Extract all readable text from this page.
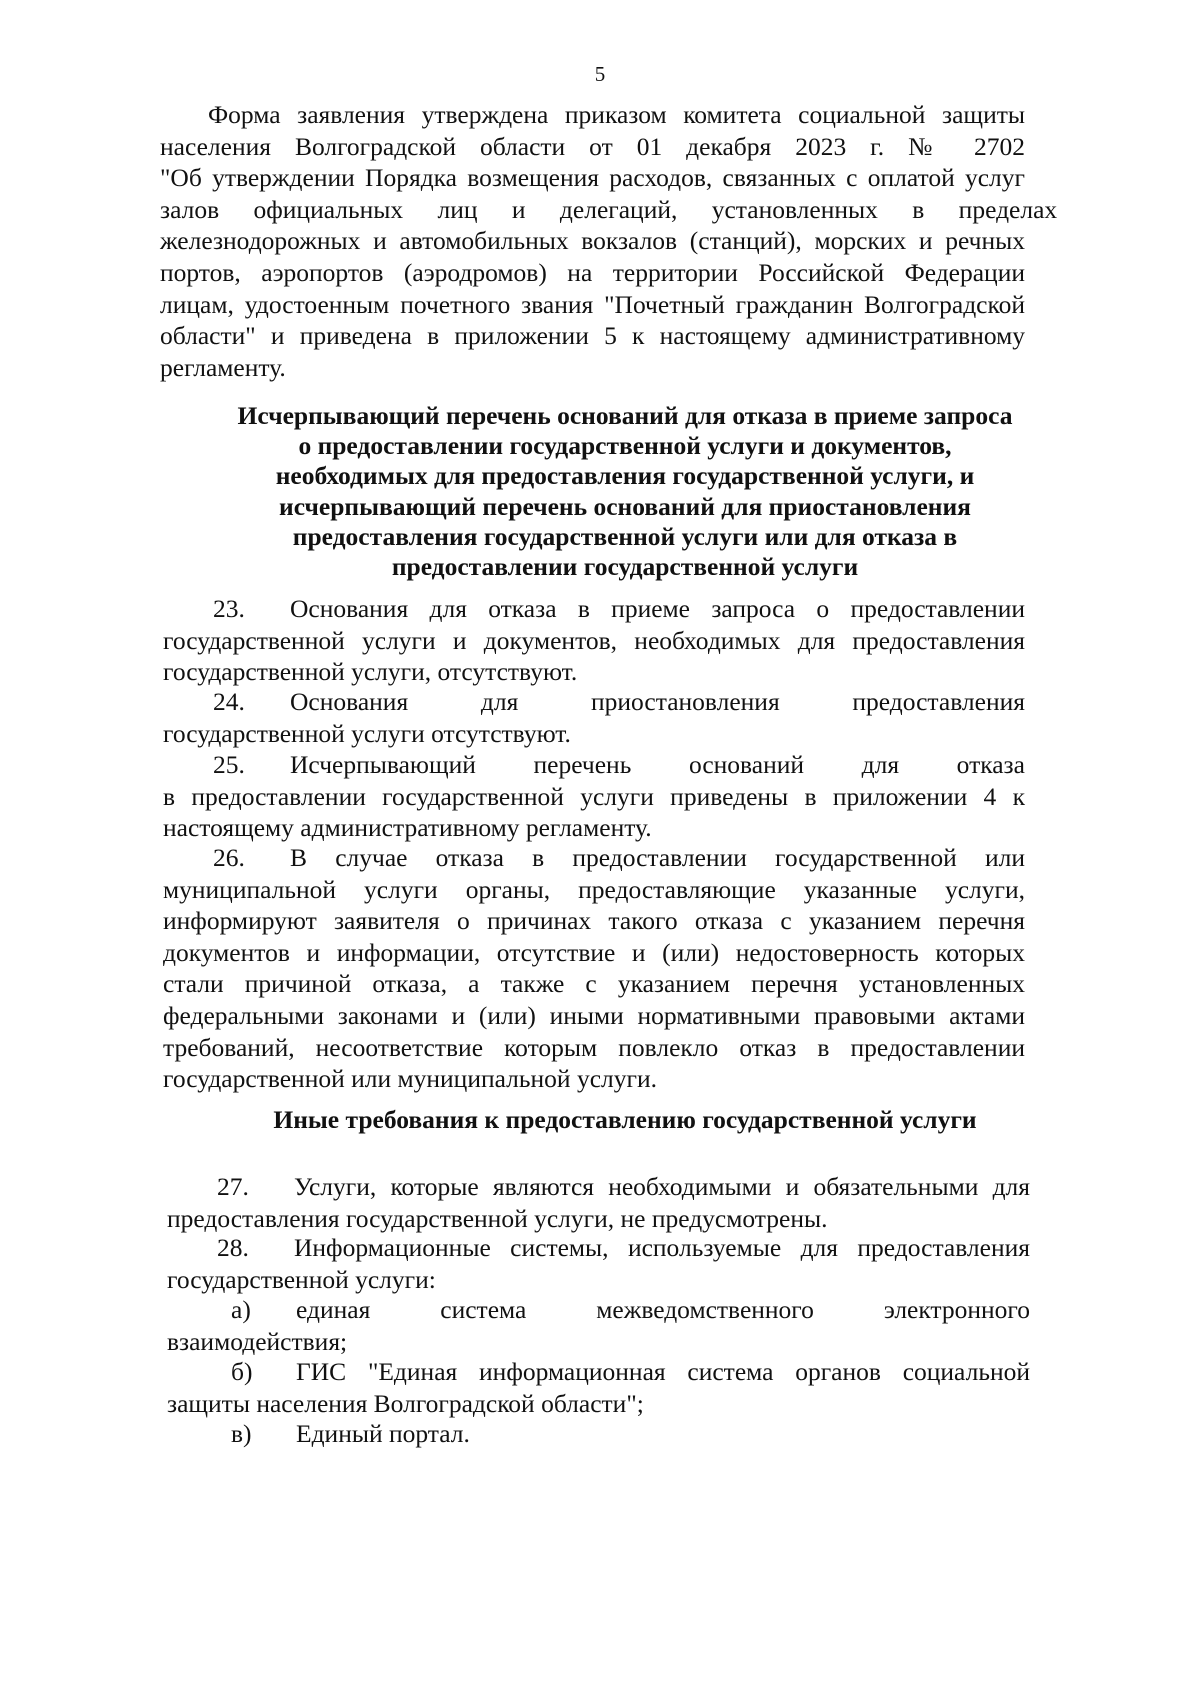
5
Форма заявления утверждена приказом комитета социальной защиты
населения Волгоградской области от 01 декабря 2023 г. № 2702
"Об утверждении Порядка возмещения расходов, связанных с оплатой услуг
залов официальных лиц и делегаций, установленных в пределах
железнодорожных и автомобильных вокзалов (станций), морских и речных
портов, аэропортов (аэродромов) на территории Российской Федерации
лицам, удостоенным почетного звания "Почетный гражданин Волгоградской
области" и приведена в приложении 5 к настоящему административному
регламенту.
Исчерпывающий перечень оснований для отказа в приеме запроса
о предоставлении государственной услуги и документов,
необходимых для предоставления государственной услуги, и
исчерпывающий перечень оснований для приостановления
предоставления государственной услуги или для отказа в
предоставлении государственной услуги
23. Основания для отказа в приеме запроса о предоставлении
государственной услуги и документов, необходимых для предоставления
государственной услуги, отсутствуют.
24. Основания	для	приостановления	предоставления
государственной услуги отсутствуют.
25. Исчерпывающий перечень оснований для отказа
в предоставлении государственной услуги приведены в приложении 4 к
настоящему административному регламенту.
26. В случае отказа в предоставлении государственной или
муниципальной услуги органы, предоставляющие указанные услуги,
информируют заявителя о причинах такого отказа с указанием перечня
документов и информации, отсутствие и (или) недостоверность которых
стали причиной отказа, а также с указанием перечня установленных
федеральными законами и (или) иными нормативными правовыми актами
требований, несоответствие которым повлекло отказ в предоставлении
государственной или муниципальной услуги.
Иные требования к предоставлению государственной услуги
27. Услуги, которые являются необходимыми и обязательными для
предоставления государственной услуги, не предусмотрены.
28. Информационные системы, используемые для предоставления
государственной услуги:
а) единая	система	межведомственного	электронного
взаимодействия;
б) ГИС "Единая информационная система органов социальной
защиты населения Волгоградской области";
в) Единый портал.
